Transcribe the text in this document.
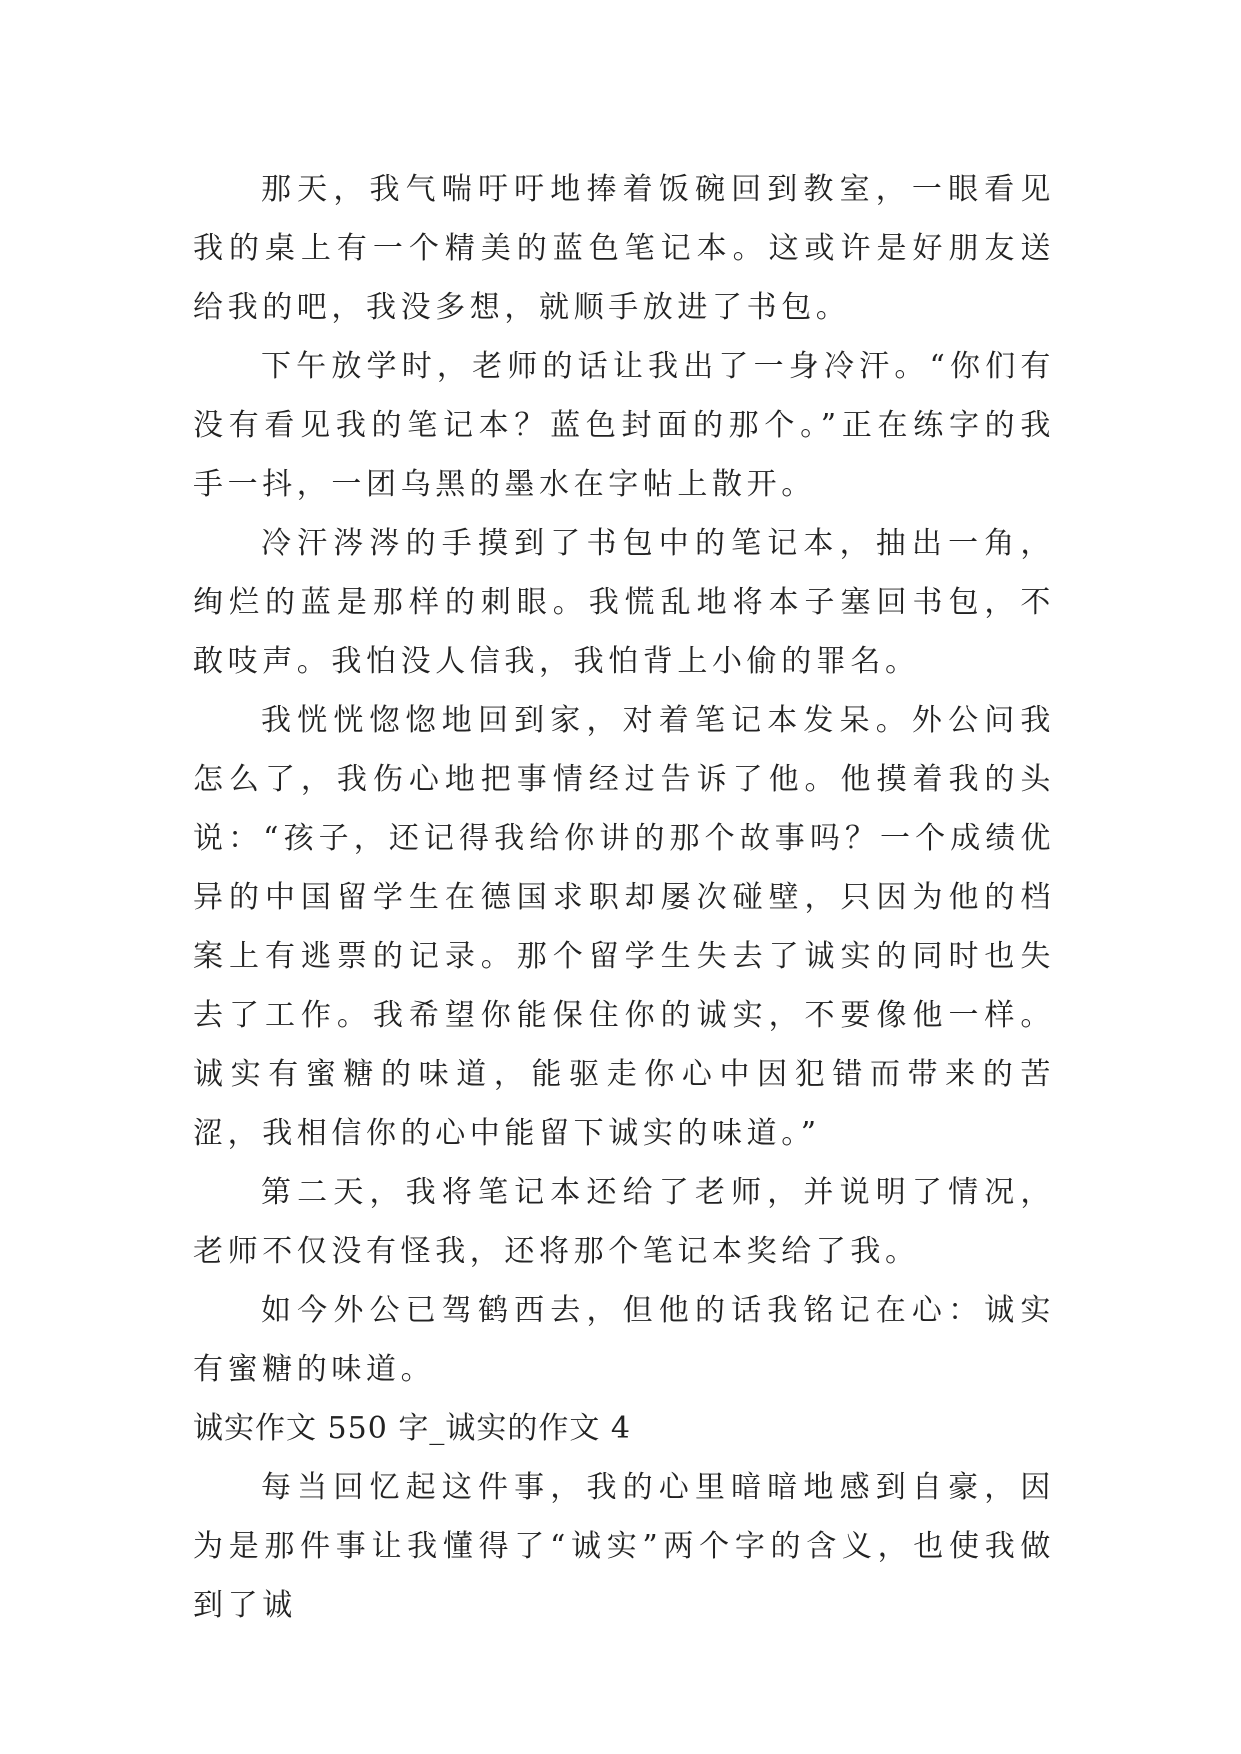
那天，我气喘吁吁地捧着饭碗回到教室，一眼看见我的桌上有一个精美的蓝色笔记本。这或许是好朋友送给我的吧，我没多想，就顺手放进了书包。

下午放学时，老师的话让我出了一身冷汗。“你们有没有看见我的笔记本？蓝色封面的那个。”正在练字的我手一抖，一团乌黑的墨水在字帖上散开。

冷汗涔涔的手摸到了书包中的笔记本，抽出一角，绚烂的蓝是那样的刺眼。我慌乱地将本子塞回书包，不敢吱声。我怕没人信我，我怕背上小偷的罪名。

我恍恍惚惚地回到家，对着笔记本发呆。外公问我怎么了，我伤心地把事情经过告诉了他。他摸着我的头说：“孩子，还记得我给你讲的那个故事吗？一个成绩优异的中国留学生在德国求职却屡次碰壁，只因为他的档案上有逃票的记录。那个留学生失去了诚实的同时也失去了工作。我希望你能保住你的诚实，不要像他一样。诚实有蜜糖的味道，能驱走你心中因犯错而带来的苦涩，我相信你的心中能留下诚实的味道。”

第二天，我将笔记本还给了老师，并说明了情况，老师不仅没有怪我，还将那个笔记本奖给了我。

如今外公已驾鹤西去，但他的话我铭记在心：诚实有蜜糖的味道。

诚实作文 550 字_诚实的作文 4

每当回忆起这件事，我的心里暗暗地感到自豪，因为是那件事让我懂得了“诚实”两个字的含义，也使我做到了诚
